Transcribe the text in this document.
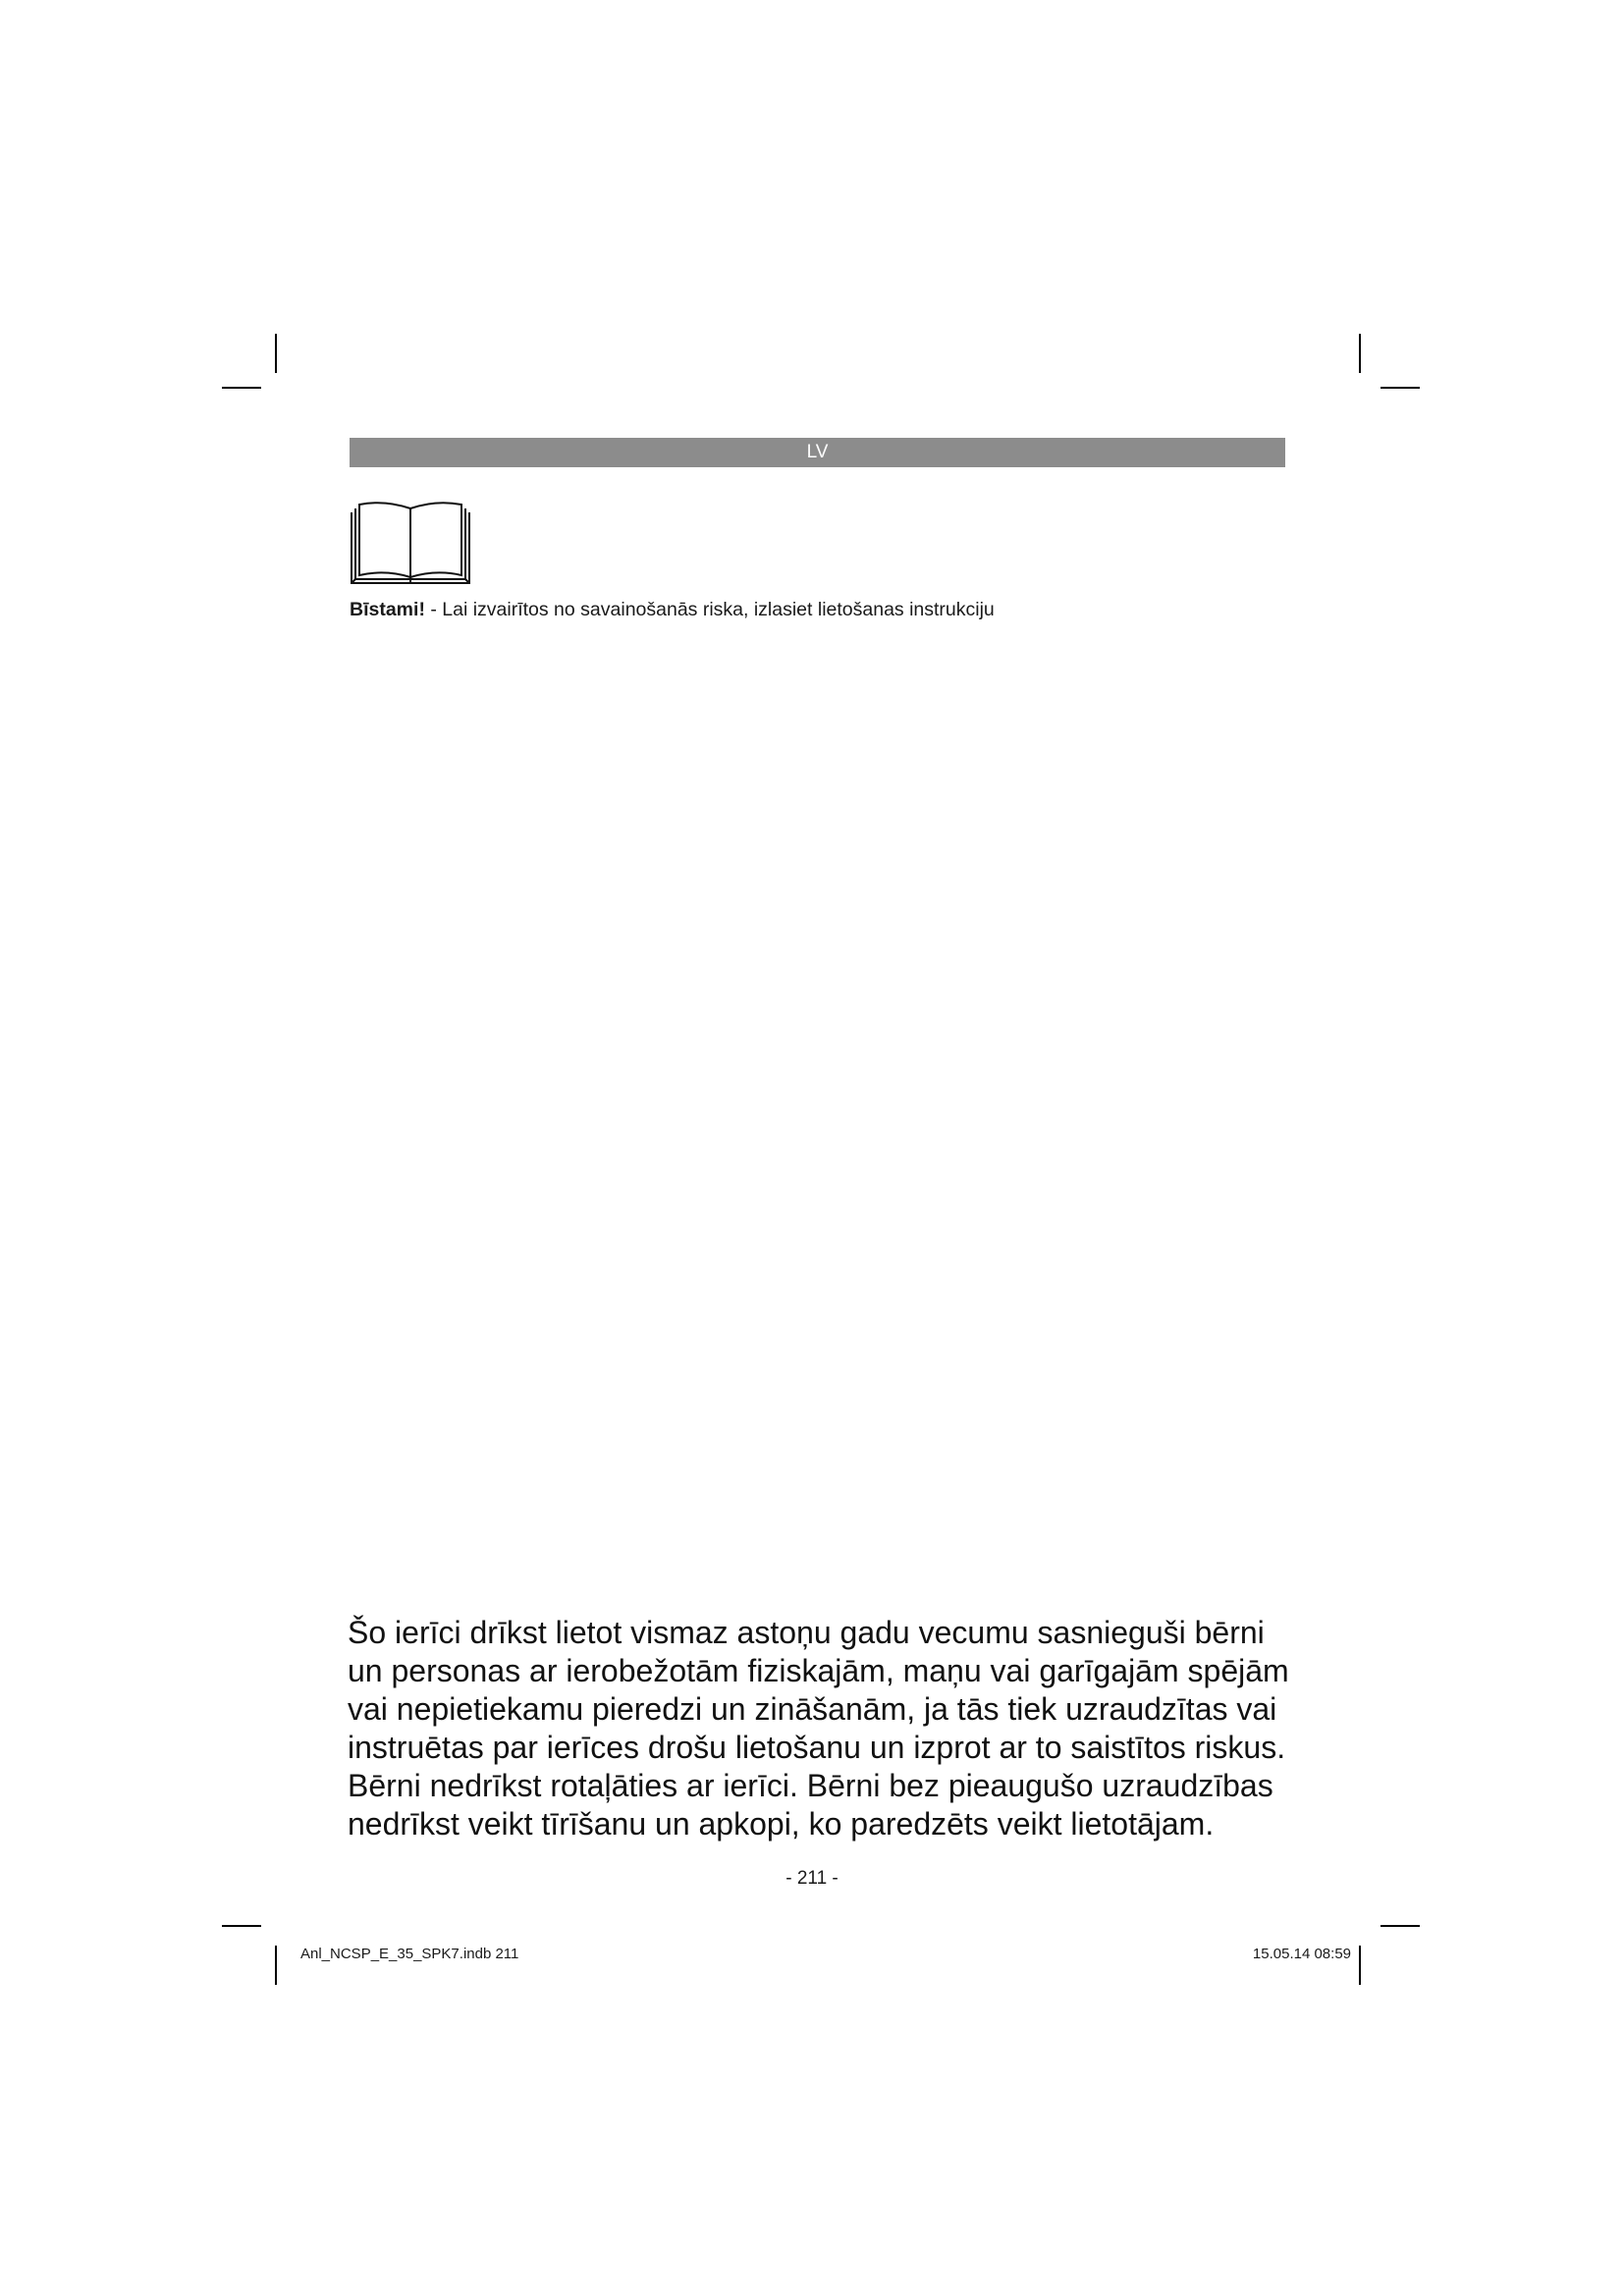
LV
Bīstami! - Lai izvairītos no savainošanās riska, izlasiet lietošanas instrukciju
Šo ierīci drīkst lietot vismaz astoņu gadu vecumu sasnieguši bērni
un personas ar ierobežotām fiziskajām, maņu vai garīgajām spējām
vai nepietiekamu pieredzi un zināšanām, ja tās tiek uzraudzītas vai
instruētas par ierīces drošu lietošanu un izprot ar to saistītos riskus.
Bērni nedrīkst rotaļāties ar ierīci. Bērni bez pieaugušo uzraudzības
nedrīkst veikt tīrīšanu un apkopi, ko paredzēts veikt lietotājam.
- 211 -
Anl_NCSP_E_35_SPK7.indb 211	15.05.14 08:59
